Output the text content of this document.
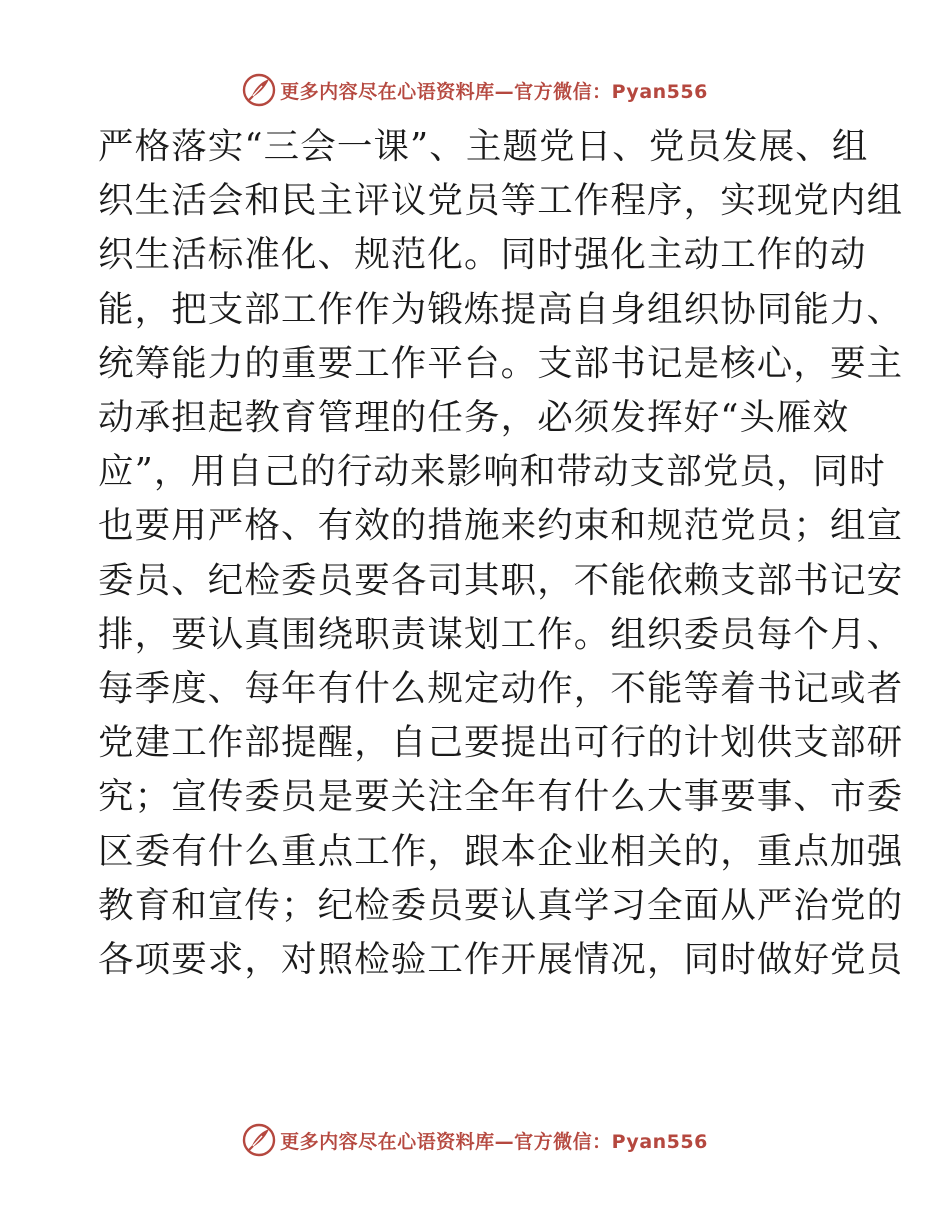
更多内容尽在心语资料库—官方微信：Pyan556
严格落实“三会一课”、主题党日、党员发展、组
织生活会和民主评议党员等工作程序，实现党内组
织生活标准化、规范化。同时强化主动工作的动
能，把支部工作作为锻炼提高自身组织协同能力、
统筹能力的重要工作平台。支部书记是核心，要主
动承担起教育管理的任务，必须发挥好“头雁效
应”，用自己的行动来影响和带动支部党员，同时
也要用严格、有效的措施来约束和规范党员；组宣
委员、纪检委员要各司其职，不能依赖支部书记安
排，要认真围绕职责谋划工作。组织委员每个月、
每季度、每年有什么规定动作，不能等着书记或者
党建工作部提醒，自己要提出可行的计划供支部研
究；宣传委员是要关注全年有什么大事要事、市委
区委有什么重点工作，跟本企业相关的，重点加强
教育和宣传；纪检委员要认真学习全面从严治党的
各项要求，对照检验工作开展情况，同时做好党员
更多内容尽在心语资料库—官方微信：Pyan556
